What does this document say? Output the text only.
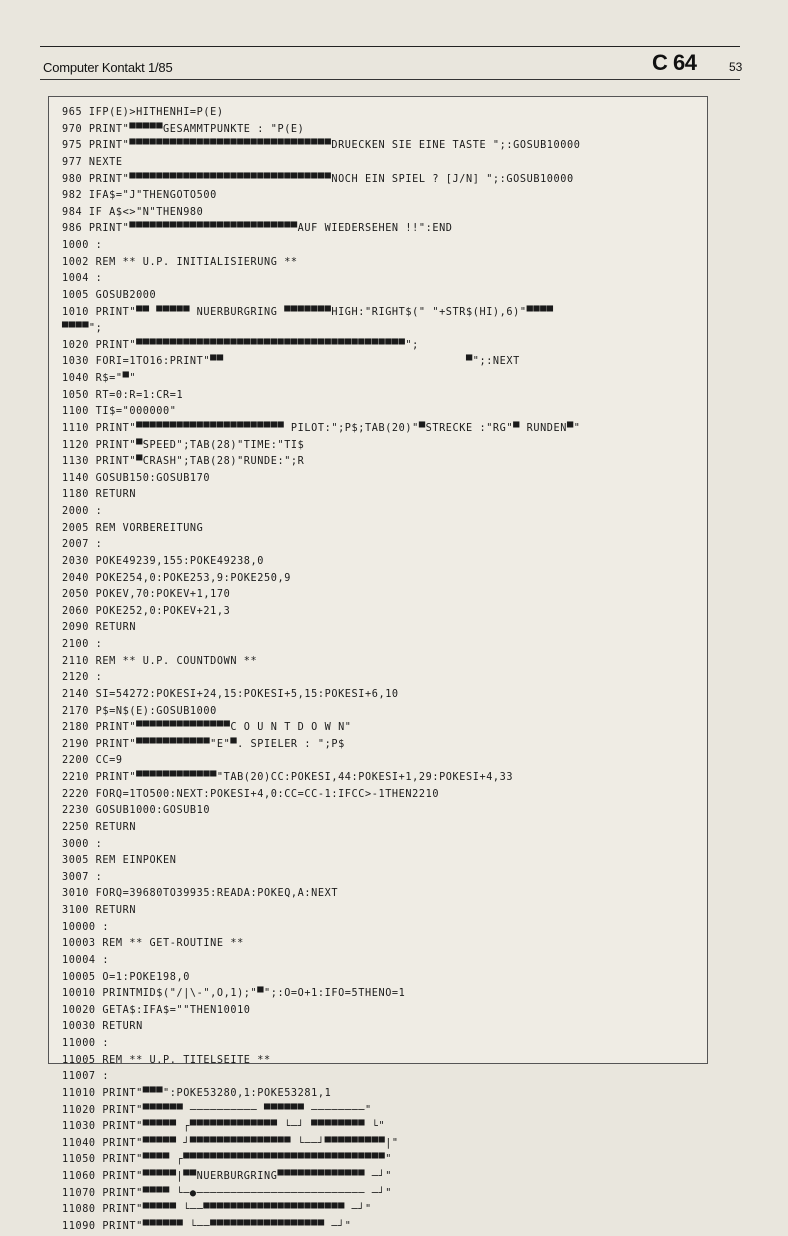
Computer Kontakt 1/85	C 64	53
965 IFP(E)>HITHENHI=P(E)
970 PRINT"▀▀▀▀▀GESAMMTPUNKTE : "P(E)
975 PRINT"▀▀▀▀▀▀▀▀▀▀▀▀▀▀▀▀▀▀▀▀▀▀▀▀▀▀▀▀▀▀DRUECKEN SIE EINE TASTE ";:GOSUB10000
977 NEXTE
980 PRINT"▀▀▀▀▀▀▀▀▀▀▀▀▀▀▀▀▀▀▀▀▀▀▀▀▀▀▀▀▀▀NOCH EIN SPIEL ? [J/N] ";:GOSUB10000
982 IFA$="J"THENGOTO500
984 IF A$<>"N"THEN980
986 PRINT"▀▀▀▀▀▀▀▀▀▀▀▀▀▀▀▀▀▀▀▀▀▀▀▀▀AUF WIEDERSEHEN !!":END
1000 :
1002 REM ** U.P. INITIALISIERUNG **
1004 :
1005 GOSUB2000
1010 PRINT"▀▀ ▀▀▀▀▀ NUERBURGRING ▀▀▀▀▀▀▀HIGH:"RIGHT$(" "+STR$(HI),6)"▀▀▀▀
▀▀▀▀";
1020 PRINT"▀▀▀▀▀▀▀▀▀▀▀▀▀▀▀▀▀▀▀▀▀▀▀▀▀▀▀▀▀▀▀▀▀▀▀▀▀▀▀▀";
1030 FORI=1TO16:PRINT"▀▀                                    ▀";:NEXT
1040 R$="▀"
1050 RT=0:R=1:CR=1
1100 TI$="000000"
1110 PRINT"▀▀▀▀▀▀▀▀▀▀▀▀▀▀▀▀▀▀▀▀▀▀ PILOT:";P$;TAB(20)"▀STRECKE :"RG"▀ RUNDEN▀"
1120 PRINT"▀SPEED";TAB(28)"TIME:"TI$
1130 PRINT"▀CRASH";TAB(28)"RUNDE:";R
1140 GOSUB150:GOSUB170
1180 RETURN
2000 :
2005 REM VORBEREITUNG
2007 :
2030 POKE49239,155:POKE49238,0
2040 POKE254,0:POKE253,9:POKE250,9
2050 POKEV,70:POKEV+1,170
2060 POKE252,0:POKEV+21,3
2090 RETURN
2100 :
2110 REM ** U.P. COUNTDOWN **
2120 :
2140 SI=54272:POKESI+24,15:POKESI+5,15:POKESI+6,10
2170 P$=N$(E):GOSUB1000
2180 PRINT"▀▀▀▀▀▀▀▀▀▀▀▀▀▀C O U N T D O W N"
2190 PRINT"▀▀▀▀▀▀▀▀▀▀▀"E"▀. SPIELER : ";P$
2200 CC=9
2210 PRINT"▀▀▀▀▀▀▀▀▀▀▀▀"TAB(20)CC:POKESI,44:POKESI+1,29:POKESI+4,33
2220 FORQ=1TO500:NEXT:POKESI+4,0:CC=CC-1:IFCC>-1THEN2210
2230 GOSUB1000:GOSUB10
2250 RETURN
3000 :
3005 REM EINPOKEN
3007 :
3010 FORQ=39680TO39935:READA:POKEQ,A:NEXT
3100 RETURN
10000 :
10003 REM ** GET-ROUTINE **
10004 :
10005 O=1:POKE198,0
10010 PRINTMID$("/|\-",O,1);"▀";:O=O+1:IFO=5THENO=1
10020 GETA$:IFA$=""THEN10010
10030 RETURN
11000 :
11005 REM ** U.P. TITELSEITE **
11007 :
11010 PRINT"▀▀▀":POKE53280,1:POKE53281,1
11020 PRINT"▀▀▀▀▀▀ ────────── ▀▀▀▀▀▀ ────────"
11030 PRINT"▀▀▀▀▀ ┌▀▀▀▀▀▀▀▀▀▀▀▀▀ └─┘ ▀▀▀▀▀▀▀▀ └"
11040 PRINT"▀▀▀▀▀ ┘▀▀▀▀▀▀▀▀▀▀▀▀▀▀▀ └──┘▀▀▀▀▀▀▀▀▀|"
11050 PRINT"▀▀▀▀ ┌▀▀▀▀▀▀▀▀▀▀▀▀▀▀▀▀▀▀▀▀▀▀▀▀▀▀▀▀▀▀"
11060 PRINT"▀▀▀▀▀|▀▀NUERBURGRING▀▀▀▀▀▀▀▀▀▀▀▀▀ ─┘"
11070 PRINT"▀▀▀▀ └─●───────────────────────── ─┘"
11080 PRINT"▀▀▀▀▀ └──▀▀▀▀▀▀▀▀▀▀▀▀▀▀▀▀▀▀▀▀▀ ─┘"
11090 PRINT"▀▀▀▀▀▀ └──▀▀▀▀▀▀▀▀▀▀▀▀▀▀▀▀▀ ─┘"
